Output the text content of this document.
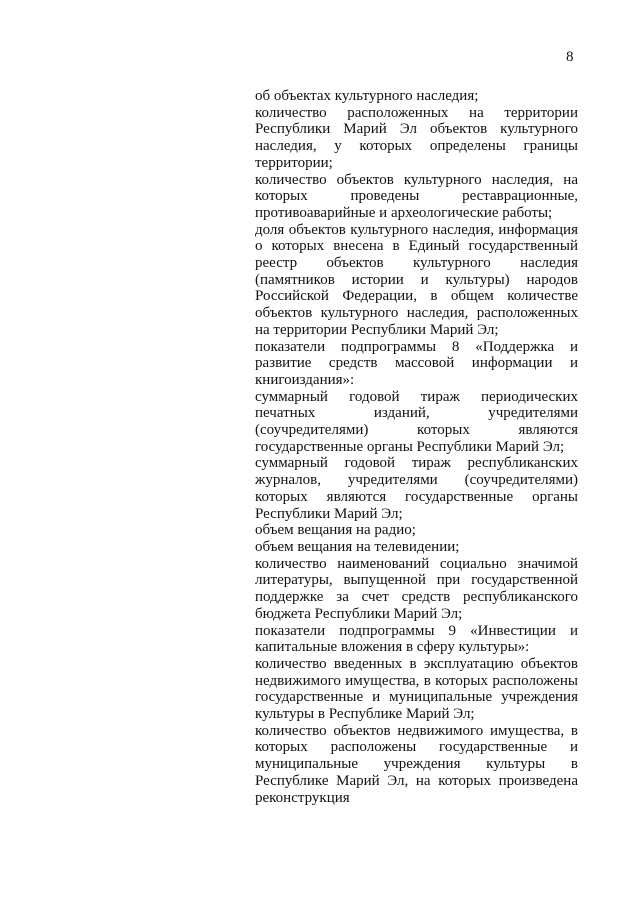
8

об объектах культурного наследия;

количество расположенных на территории Республики Марий Эл объектов культурного наследия, у которых определены границы территории;

количество объектов культурного наследия, на которых проведены реставрационные, противоаварийные и археологические работы;

доля объектов культурного наследия, информация о которых внесена в Единый государственный реестр объектов культурного наследия (памятников истории и культуры) народов Российской Федерации, в общем количестве объектов культурного наследия, расположенных на территории Республики Марий Эл;

показатели подпрограммы 8 «Поддержка и развитие средств массовой информации и книгоиздания»:

суммарный годовой тираж периодических печатных изданий, учредителями (соучредителями) которых являются государственные органы Республики Марий Эл;

суммарный годовой тираж республиканских журналов, учредителями (соучредителями) которых являются государственные органы Республики Марий Эл;

объем вещания на радио;

объем вещания на телевидении;

количество наименований социально значимой литературы, выпущенной при государственной поддержке за счет средств республиканского бюджета Республики Марий Эл;

показатели подпрограммы 9 «Инвестиции и капитальные вложения в сферу культуры»:

количество введенных в эксплуатацию объектов недвижимого имущества, в которых расположены государственные и муниципальные учреждения культуры в Республике Марий Эл;

количество объектов недвижимого имущества, в которых расположены государственные и муниципальные учреждения культуры в Республике Марий Эл, на которых произведена реконструкция
